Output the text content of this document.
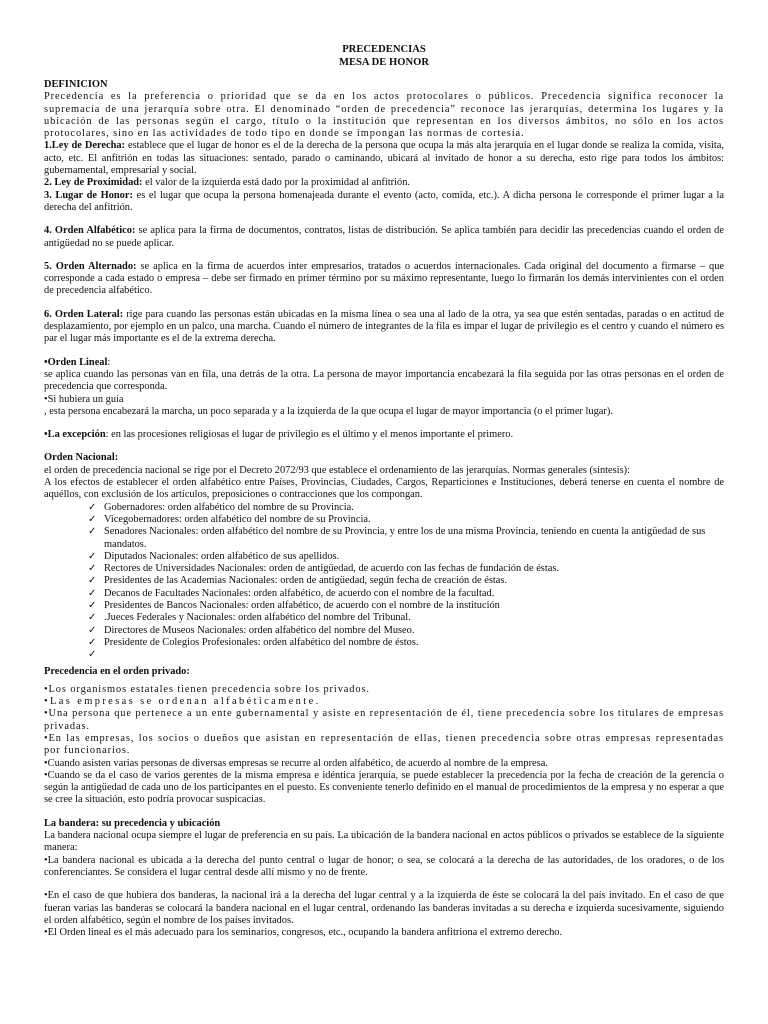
PRECEDENCIAS
MESA DE HONOR
DEFINICION

Precedencia es la preferencia o prioridad que se da en los actos protocolares o públicos. Precedencia significa reconocer la supremacía de una jerarquía sobre otra. El denominado “orden de precedencia” reconoce las jerarquías, determina los lugares y la ubicación de las personas según el cargo, título o la institución que representan en los diversos ámbitos, no sólo en los actos protocolares, sino en las actividades de todo tipo en donde se impongan las normas de cortesía.

1.Ley de Derecha: establece que el lugar de honor es el de la derecha de la persona que ocupa la más alta jerarquía en el lugar donde se realiza la comida, visita, acto, etc. El anfitrión en todas las situaciones: sentado, parado o caminando, ubicará al invitado de honor a su derecha, esto rige para todos los ámbitos: gubernamental, empresarial y social.

2. Ley de Proximidad: el valor de la izquierda está dado por la proximidad al anfitrión.

3. Lugar de Honor: es el lugar que ocupa la persona homenajeada durante el evento (acto, comida, etc.). A dicha persona le corresponde el primer lugar a la derecha del anfitrión.

4. Orden Alfabético: se aplica para la firma de documentos, contratos, listas de distribución. Se aplica también para decidir las precedencias cuando el orden de antigüedad no se puede aplicar.

5. Orden Alternado: se aplica en la firma de acuerdos inter empresarios, tratados o acuerdos internacionales. Cada original del documento a firmarse – que corresponde a cada estado o empresa – debe ser firmado en primer término por su máximo representante, luego lo firmarán los demás intervinientes con el orden de precedencia alfabético.

6. Orden Lateral: rige para cuando las personas están ubicadas en la misma línea o sea una al lado de la otra, ya sea que estén sentadas, paradas o en actitud de desplazamiento, por ejemplo en un palco, una marcha. Cuando el número de integrantes de la fila es impar el lugar de privilegio es el centro y cuando el número es par el lugar más importante es el de la extrema derecha.

•Orden Lineal:

se aplica cuando las personas van en fila, una detrás de la otra. La persona de mayor importancia encabezará la fila seguida por las otras personas en el orden de precedencia que corresponda.

•Si hubiera un guía

, esta persona encabezará la marcha, un poco separada y a la izquierda de la que ocupa el lugar de mayor importancia (o el primer lugar).

•La excepción: en las procesiones religiosas el lugar de privilegio es el último y el menos importante el primero.

Orden Nacional:

el orden de precedencia nacional se rige por el Decreto 2072/93 que establece el ordenamiento de las jerarquías. Normas generales (síntesis):

A los efectos de establecer el orden alfabético entre Países, Provincias, Ciudades, Cargos, Reparticiones e Instituciones, deberá tenerse en cuenta el nombre de aquéllos, con exclusión de los artículos, preposiciones o contracciones que los compongan.

✓ Gobernadores: orden alfabético del nombre de su Provincia.
✓ Vicegobernadores: orden alfabético del nombre de su Provincia.
✓ Senadores Nacionales: orden alfabético del nombre de su Provincia, y entre los de una misma Provincia, teniendo en cuenta la antigüedad de sus mandatos.
✓ Diputados Nacionales: orden alfabético de sus apellidos.
✓ Rectores de Universidades Nacionales: orden de antigüedad, de acuerdo con las fechas de fundación de éstas.
✓ Presidentes de las Academias Nacionales: orden de antigüedad, según fecha de creación de éstas.
✓ Decanos de Facultades Nacionales: orden alfabético, de acuerdo con el nombre de la facultad.
✓ Presidentes de Bancos Nacionales: orden alfabético, de acuerdo con el nombre de la institución
✓ .Jueces Federales y Nacionales: orden alfabético del nombre del Tribunal.
✓ Directores de Museos Nacionales: orden alfabético del nombre del Museo.
✓ Presidente de Colegios Profesionales: orden alfabético del nombre de éstos.
✓
Precedencia en el orden privado:

•Los organismos estatales tienen precedencia sobre los privados.

•Las empresas se ordenan alfabéticamente.

•Una persona que pertenece a un ente gubernamental y asiste en representación de él, tiene precedencia sobre los titulares de empresas privadas.

•En las empresas, los socios o dueños que asistan en representación de ellas, tienen precedencia sobre otras empresas representadas por funcionarios.

•Cuando asisten varias personas de diversas empresas se recurre al orden alfabético, de acuerdo al nombre de la empresa.

•Cuando se da el caso de varios gerentes de la misma empresa e idéntica jerarquía, se puede establecer la precedencia por la fecha de creación de la gerencia o según la antigüedad de cada uno de los participantes en el puesto. Es conveniente tenerlo definido en el manual de procedimientos de la empresa y no esperar a que se cree la situación, esto podría provocar suspicacias.

La bandera: su precedencia y ubicación

La bandera nacional ocupa siempre el lugar de preferencia en su país. La ubicación de la bandera nacional en actos públicos o privados se establece de la siguiente manera:

•La bandera nacional es ubicada a la derecha del punto central o lugar de honor; o sea, se colocará a la derecha de las autoridades, de los oradores, o de los conferenciantes. Se considera el lugar central desde allí mismo y no de frente.

•En el caso de que hubiera dos banderas, la nacional irá a la derecha del lugar central y a la izquierda de éste se colocará la del país invitado. En el caso de que fueran varias las banderas se colocará la bandera nacional en el lugar central, ordenando las banderas invitadas a su derecha e izquierda sucesivamente, siguiendo el orden alfabético, según el nombre de los países invitados.

•El Orden lineal es el más adecuado para los seminarios, congresos, etc., ocupando la bandera anfitriona el extremo derecho.
